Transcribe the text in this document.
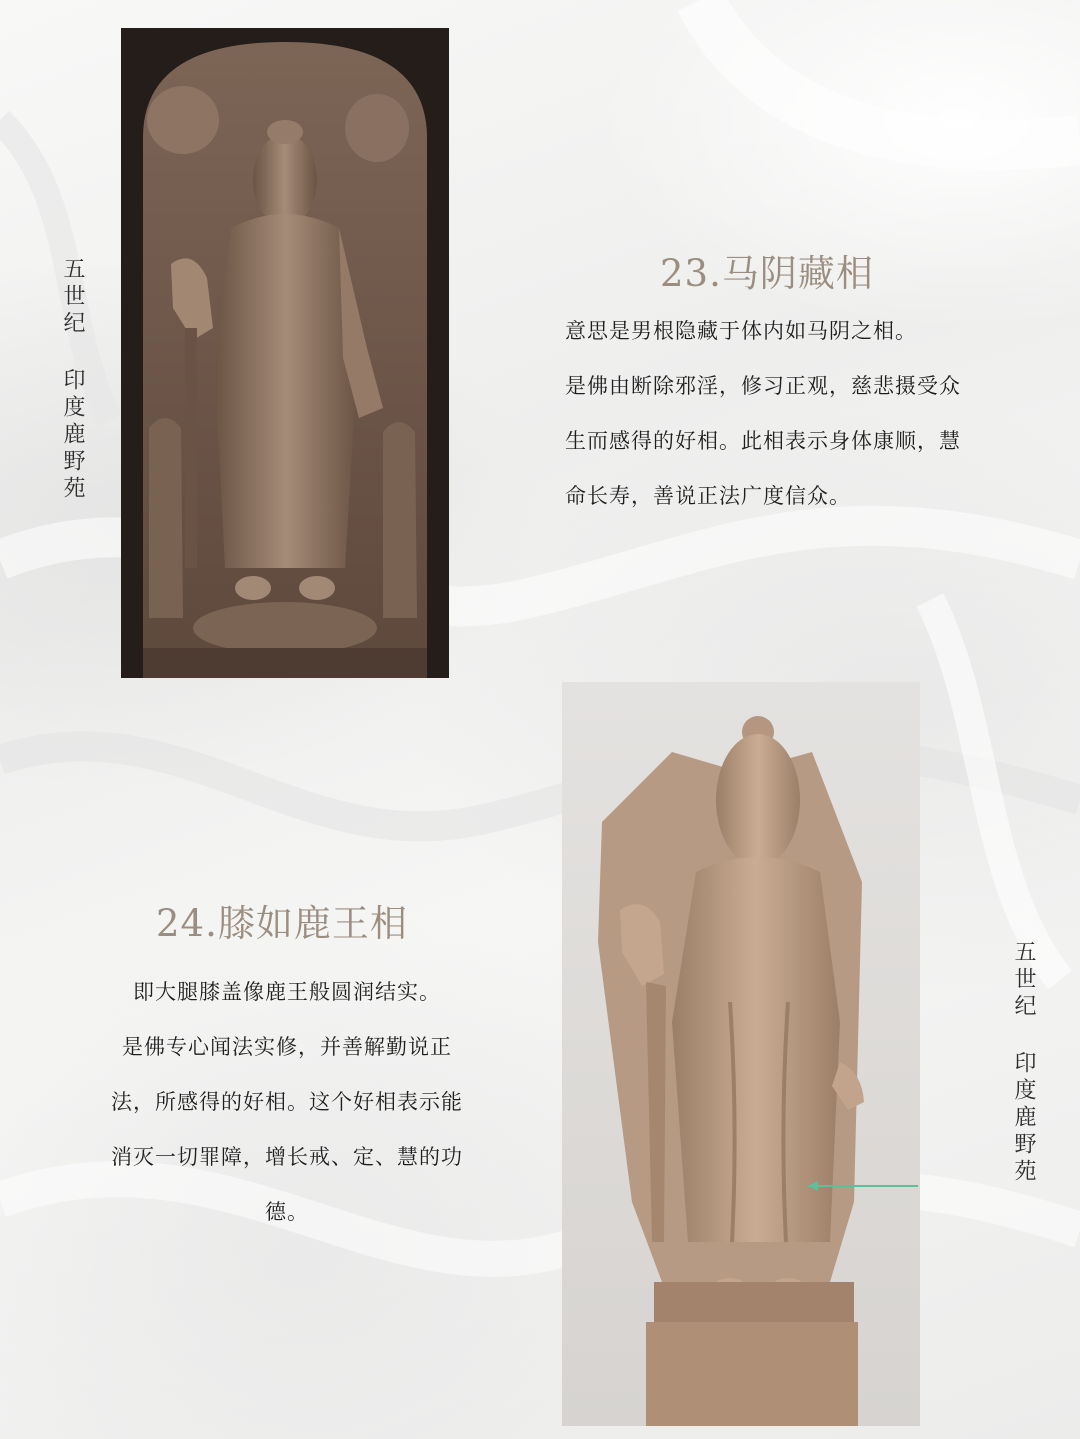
五世纪 印度鹿野苑	23.马阴藏相
意思是男根隐藏于体内如马阴之相。
是佛由断除邪淫，修习正观，慈悲摄受众
生而感得的好相。此相表示身体康顺，慧
命长寿，善说正法广度信众。
24.膝如鹿王相
即大腿膝盖像鹿王般圆润结实。
是佛专心闻法实修，并善解勤说正
法，所感得的好相。这个好相表示能
消灭一切罪障，增长戒、定、慧的功
德。
五世纪 印度鹿野苑
